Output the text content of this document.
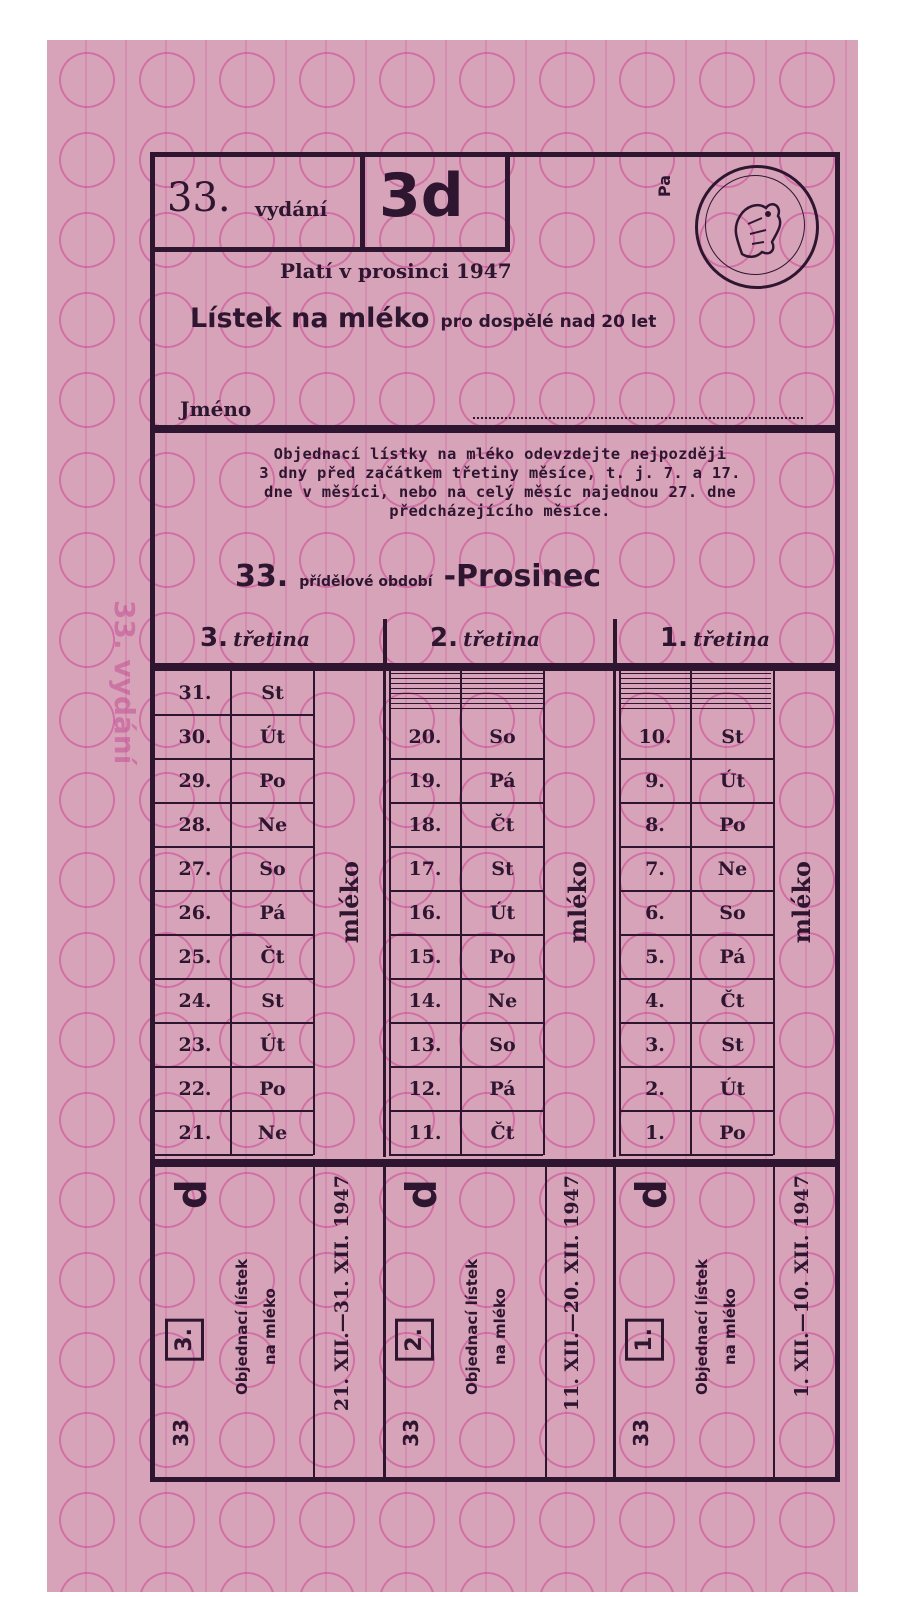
33. vydání
33. vydání 3d	Pa
Platí v prosinci 1947
Lístek na mléko pro dospělé nad 20 let
Jméno
Objednací lístky na mléko odevzdejte nejpozději
3 dny před začátkem třetiny měsíce, t. j. 7. a 17.
dne v měsíci, nebo na celý měsíc najednou 27. dne
předcházejícího měsíce.
33. přídělové období -Prosinec
3. třetina	2. třetina	1. třetina
mléko	mléko	mléko
31.	St
30.	Út
29.	Po
28.	Ne
27.	So
26.	Pá
25.	Čt
24.	St
23.	Út
22.	Po
21.	Ne
20.	So
19.	Pá
18.	Čt
17.	St
16.	Út
15.	Po
14.	Ne
13.	So
12.	Pá
11.	Čt
10.	St
9.	Út
8.	Po
7.	Ne
6.	So
5.	Pá
4.	Čt
3.	St
2.	Út
1.	Po
d
3.
33
Objednací lístek na mléko	21. XII.—31. XII. 1947 d
2.
33
Objednací lístek na mléko	11. XII.—20. XII. 1947 d
1.
33
Objednací lístek na mléko	1. XII.—10. XII. 1947
